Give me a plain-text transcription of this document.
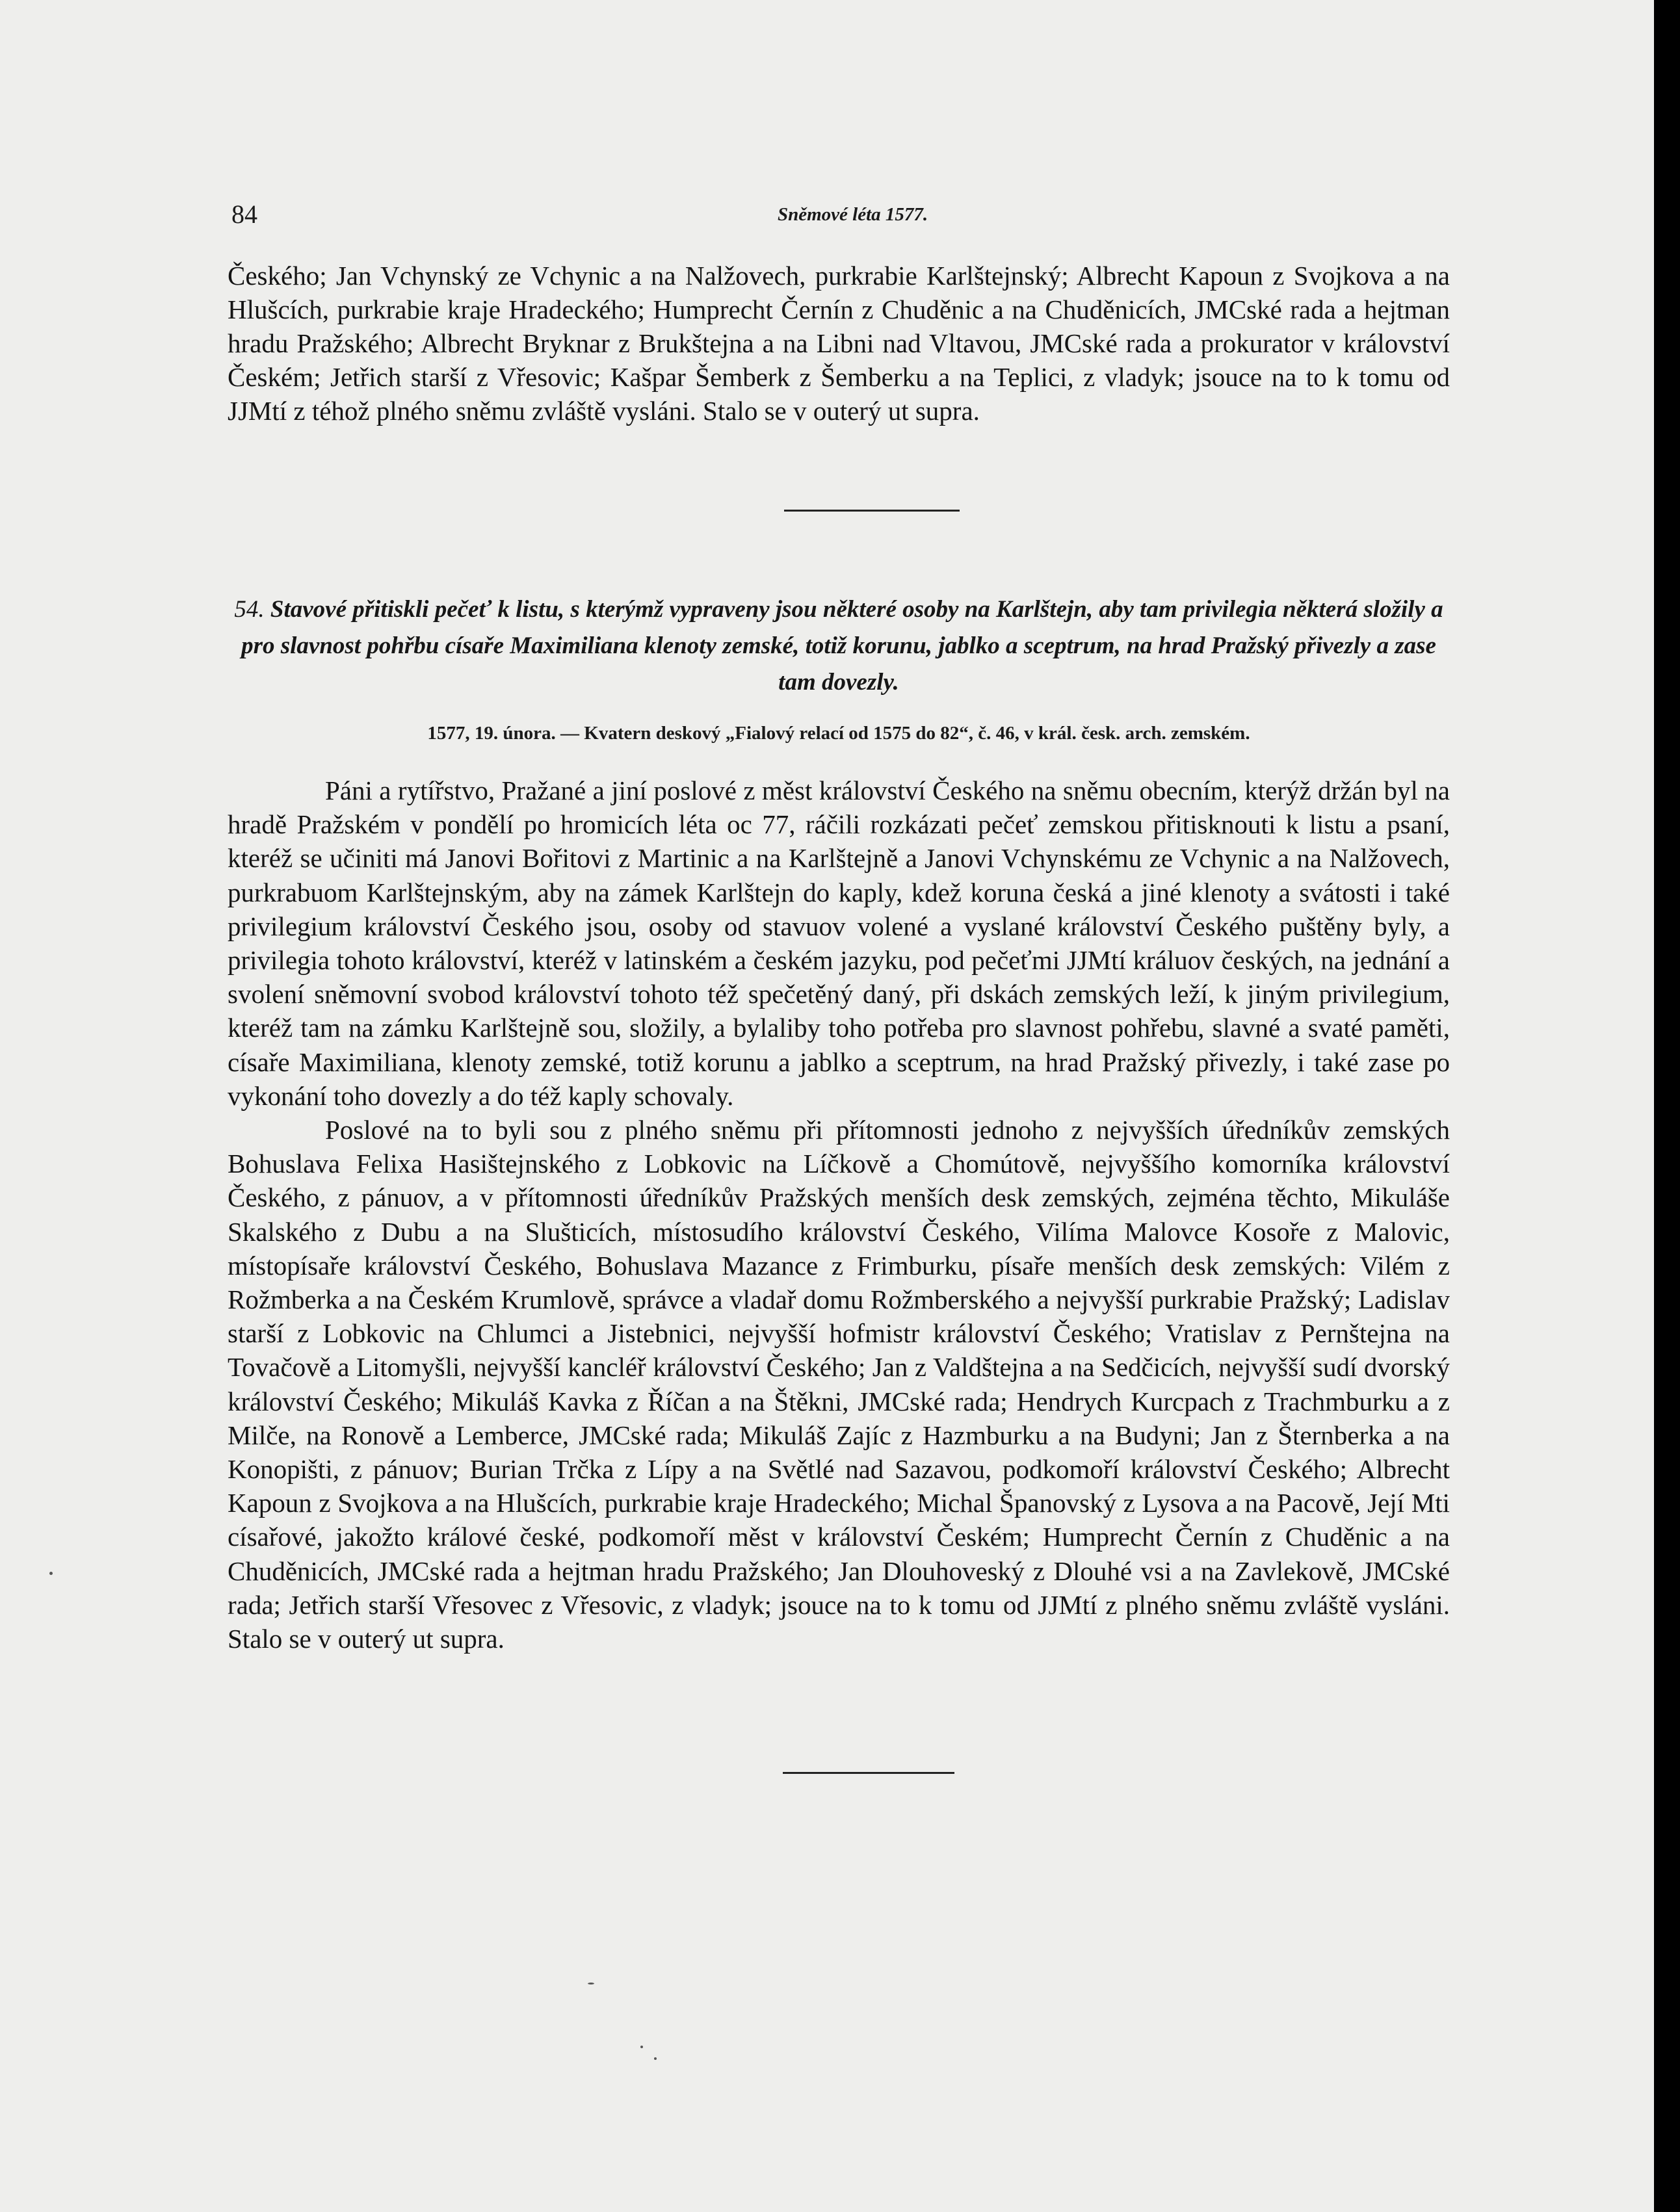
84	Sněmové léta 1577.
Českého; Jan Vchynský ze Vchynic a na Nalžovech, purkrabie Karlštejnský; Albrecht Kapoun z Svojkova a na Hlušcích, purkrabie kraje Hradeckého; Humprecht Černín z Chuděnic a na Chuděnicích, JMCské rada a hejtman hradu Pražského; Albrecht Bryknar z Brukštejna a na Libni nad Vltavou, JMCské rada a prokurator v království Českém; Jetřich starší z Vřesovic; Kašpar Šemberk z Šemberku a na Teplici, z vladyk; jsouce na to k tomu od JJMtí z téhož plného sněmu zvláště vysláni. Stalo se v outerý ut supra.
54. Stavové přitiskli pečeť k listu, s kterýmž vypraveny jsou některé osoby na Karlštejn, aby tam privilegia některá složily a pro slavnost pohřbu císaře Maximiliana klenoty zemské, totiž korunu, jablko a sceptrum, na hrad Pražský přivezly a zase tam dovezly.
1577, 19. února. — Kvatern deskový „Fialový relací od 1575 do 82“, č. 46, v král. česk. arch. zemském.

Páni a rytířstvo, Pražané a jiní poslové z měst království Českého na sněmu obecním, kterýž držán byl na hradě Pražském v pondělí po hromicích léta oc 77, ráčili rozkázati pečeť zemskou přitisknouti k listu a psaní, kteréž se učiniti má Janovi Bořitovi z Martinic a na Karlštejně a Janovi Vchynskému ze Vchynic a na Nalžovech, purkrabuom Karlštejnským, aby na zámek Karlštejn do kaply, kdež koruna česká a jiné klenoty a svátosti i také privilegium království Českého jsou, osoby od stavuov volené a vyslané království Českého puštěny byly, a privilegia tohoto království, kteréž v latinském a českém jazyku, pod pečeťmi JJMtí králuov českých, na jednání a svolení sněmovní svobod království tohoto též spečetěný daný, při dskách zemských leží, k jiným privilegium, kteréž tam na zámku Karlštejně sou, složily, a bylaliby toho potřeba pro slavnost pohřebu, slavné a svaté paměti, císaře Maximiliana, klenoty zemské, totiž korunu a jablko a sceptrum, na hrad Pražský přivezly, i také zase po vykonání toho dovezly a do též kaply schovaly.

Poslové na to byli sou z plného sněmu při přítomnosti jednoho z nejvyšších úředníkův zemských Bohuslava Felixa Hasištejnského z Lobkovic na Líčkově a Chomútově, nejvyššího komorníka království Českého, z pánuov, a v přítomnosti úředníkův Pražských menších desk zemských, zejména těchto, Mikuláše Skalského z Dubu a na Slušticích, místosudího království Českého, Vilíma Malovce Kosoře z Malovic, místopísaře království Českého, Bohuslava Mazance z Frimburku, písaře menších desk zemských: Vilém z Rožmberka a na Českém Krumlově, správce a vladař domu Rožmberského a nejvyšší purkrabie Pražský; Ladislav starší z Lobkovic na Chlumci a Jistebnici, nejvyšší hofmistr království Českého; Vratislav z Pernštejna na Tovačově a Litomyšli, nejvyšší kancléř království Českého; Jan z Valdštejna a na Sedčicích, nejvyšší sudí dvorský království Českého; Mikuláš Kavka z Říčan a na Štěkni, JMCské rada; Hendrych Kurcpach z Trachmburku a z Milče, na Ronově a Lemberce, JMCské rada; Mikuláš Zajíc z Hazmburku a na Budyni; Jan z Šternberka a na Konopišti, z pánuov; Burian Trčka z Lípy a na Světlé nad Sazavou, podkomoří království Českého; Albrecht Kapoun z Svojkova a na Hlušcích, purkrabie kraje Hradeckého; Michal Španovský z Lysova a na Pacově, Její Mti císařové, jakožto králové české, podkomoří měst v království Českém; Humprecht Černín z Chuděnic a na Chuděnicích, JMCské rada a hejtman hradu Pražského; Jan Dlouhoveský z Dlouhé vsi a na Zavlekově, JMCské rada; Jetřich starší Vřesovec z Vřesovic, z vladyk; jsouce na to k tomu od JJMtí z plného sněmu zvláště vysláni. Stalo se v outerý ut supra.
